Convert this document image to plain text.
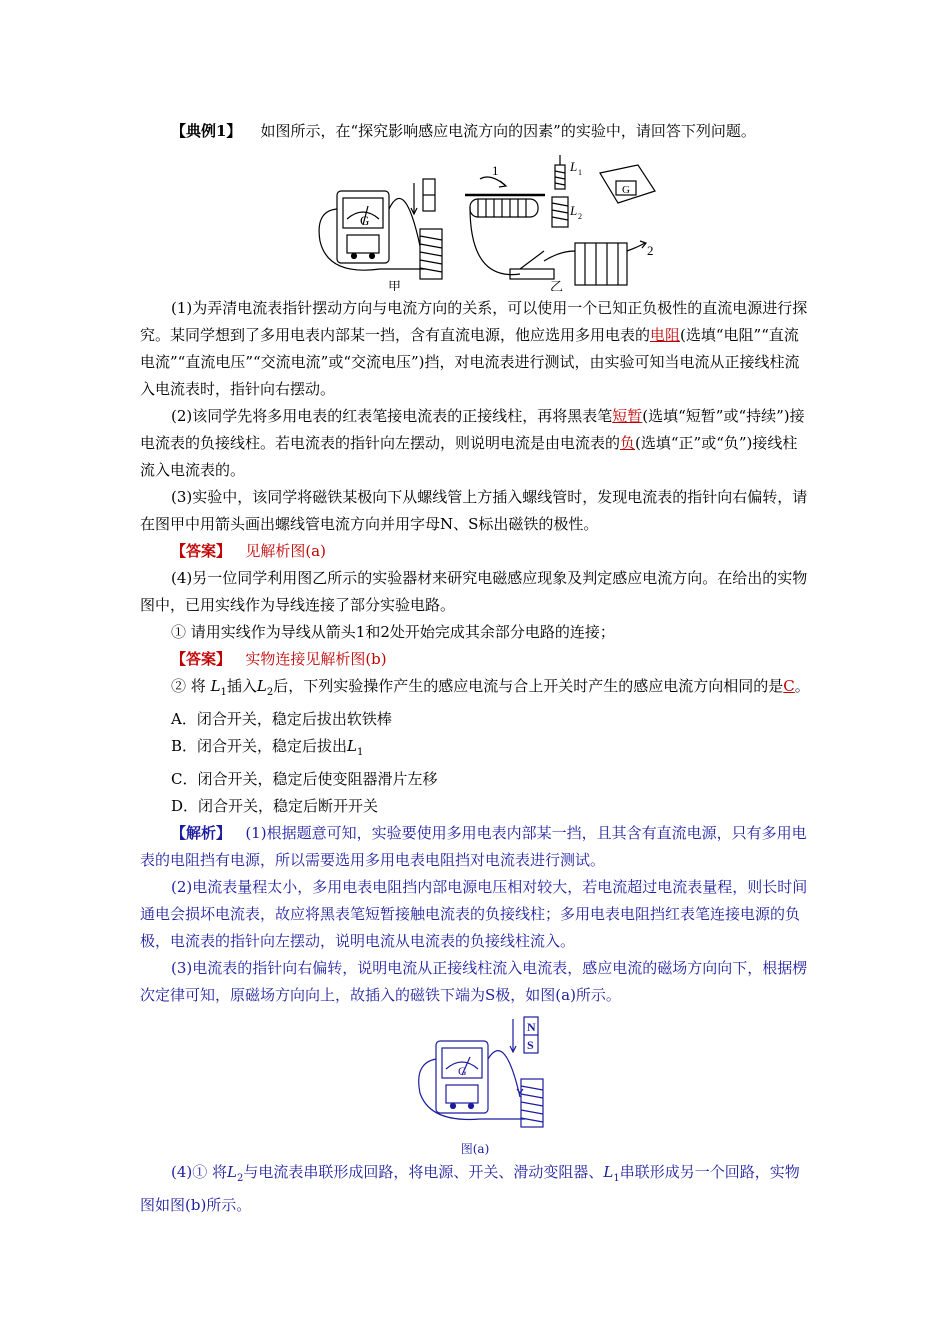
【典例1】 如图所示，在“探究影响感应电流方向的因素”的实验中，请回答下列问题。

G
G
1
2
L 1
L 2
甲	乙

(1)为弄清电流表指针摆动方向与电流方向的关系，可以使用一个已知正负极性的直流电源进行探究。某同学想到了多用电表内部某一挡，含有直流电源，他应选用多用电表的电阻(选填“电阻”“直流电流”“直流电压”“交流电流”或“交流电压”)挡，对电流表进行测试，由实验可知当电流从正接线柱流入电流表时，指针向右摆动。

(2)该同学先将多用电表的红表笔接电流表的正接线柱，再将黑表笔短暂(选填“短暂”或“持续”)接电流表的负接线柱。若电流表的指针向左摆动，则说明电流是由电流表的负(选填“正”或“负”)接线柱流入电流表的。

(3)实验中，该同学将磁铁某极向下从螺线管上方插入螺线管时，发现电流表的指针向右偏转，请在图甲中用箭头画出螺线管电流方向并用字母N、S标出磁铁的极性。

【答案】 见解析图(a)

(4)另一位同学利用图乙所示的实验器材来研究电磁感应现象及判定感应电流方向。在给出的实物图中，已用实线作为导线连接了部分实验电路。

① 请用实线作为导线从箭头1和2处开始完成其余部分电路的连接；

【答案】 实物连接见解析图(b)

② 将 $L_1$插入$L_2$后，下列实验操作产生的感应电流与合上开关时产生的感应电流方向相同的是C。

A．闭合开关，稳定后拔出软铁棒

B．闭合开关，稳定后拔出$L_1$

C．闭合开关，稳定后使变阻器滑片左移

D．闭合开关，稳定后断开开关

【解析】 (1)根据题意可知，实验要使用多用电表内部某一挡，且其含有直流电源，只有多用电表的电阻挡有电源，所以需要选用多用电表电阻挡对电流表进行测试。

(2)电流表量程太小，多用电表电阻挡内部电源电压相对较大，若电流超过电流表量程，则长时间通电会损坏电流表，故应将黑表笔短暂接触电流表的负接线柱；多用电表电阻挡红表笔连接电源的负极，电流表的指针向左摆动，说明电流从电流表的负接线柱流入。

(3)电流表的指针向右偏转，说明电流从正接线柱流入电流表，感应电流的磁场方向向下，根据楞次定律可知，原磁场方向向上，故插入的磁铁下端为S极，如图(a)所示。

N
S
G

图(a)

(4)① 将$L_2$与电流表串联形成回路，将电源、开关、滑动变阻器、$L_1$串联形成另一个回路，实物图如图(b)所示。
